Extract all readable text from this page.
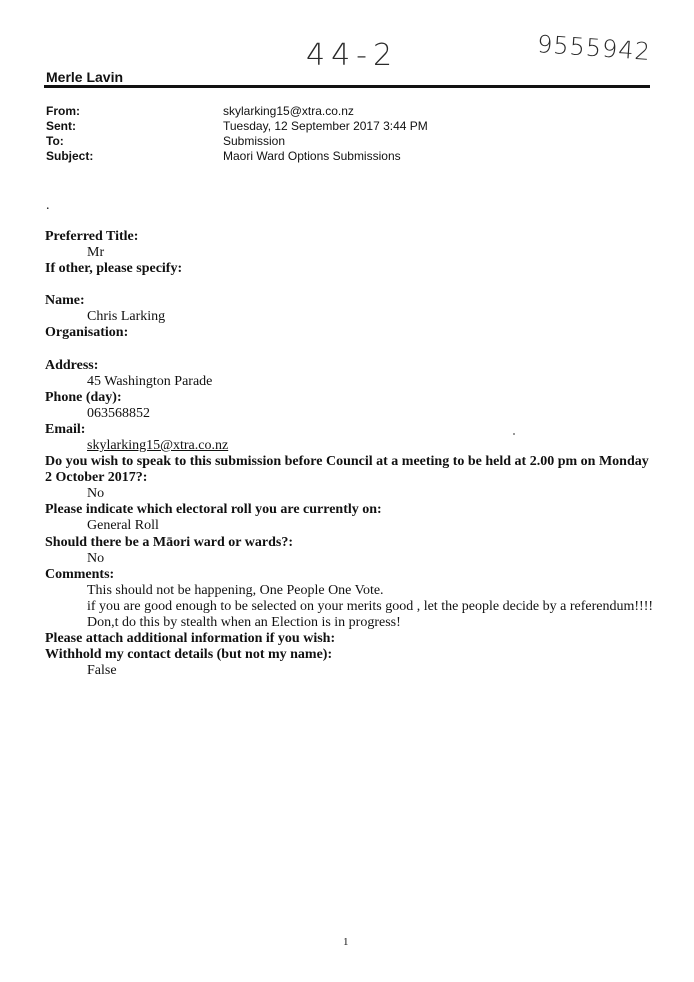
44-2	9555942
Merle Lavin
From:	skylarking15@xtra.co.nz
Sent:	Tuesday, 12 September 2017 3:44 PM
To:	Submission
Subject:	Maori Ward Options Submissions
.
Preferred Title:
Mr
If other, please specify:
Name:
Chris Larking
Organisation:
Address:
45 Washington Parade
Phone (day):
063568852
Email:
skylarking15@xtra.co.nz
Do you wish to speak to this submission before Council at a meeting to be held at 2.00 pm on Monday
2 October 2017?:
No
Please indicate which electoral roll you are currently on:
General Roll
Should there be a Māori ward or wards?:
No
Comments:
This should not be happening, One People One Vote.
if you are good enough to be selected on your merits good , let the people decide by a referendum!!!!
Don,t do this by stealth when an Election is in progress!
Please attach additional information if you wish:
Withhold my contact details (but not my name):
False
1
